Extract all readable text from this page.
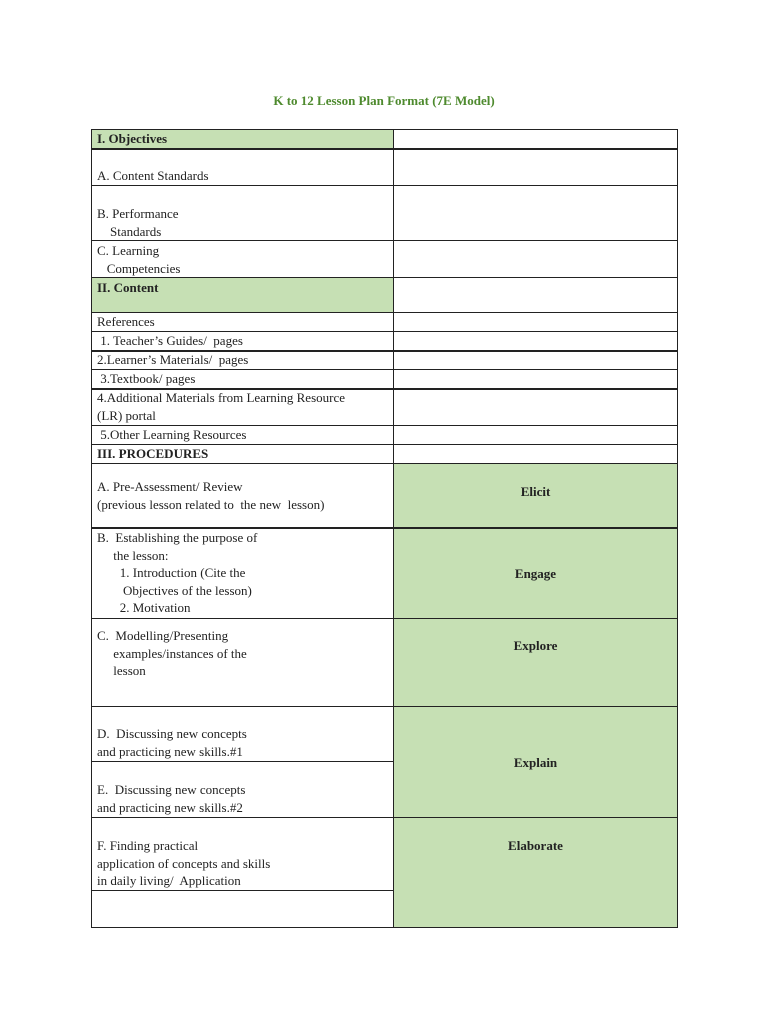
K to 12 Lesson Plan Format (7E Model)
I. Objectives
II. Content
Elicit
Engage
Explore
Explain
Elaborate
A. Content Standards
B. Performance
Standards
C. Learning
Competencies
References
1. Teacher’s Guides/  pages
2.Learner’s Materials/  pages
3.Textbook/ pages
4.Additional Materials from Learning Resource
(LR) portal
5.Other Learning Resources
III. PROCEDURES
A. Pre-Assessment/ Review
(previous lesson related to  the new  lesson)
B.  Establishing the purpose of
the lesson:
1. Introduction (Cite the
Objectives of the lesson)
2. Motivation
C.  Modelling/Presenting
examples/instances of the
lesson
D.  Discussing new concepts
and practicing new skills.#1
E.  Discussing new concepts
and practicing new skills.#2
F. Finding practical
application of concepts and skills
in daily living/  Application
